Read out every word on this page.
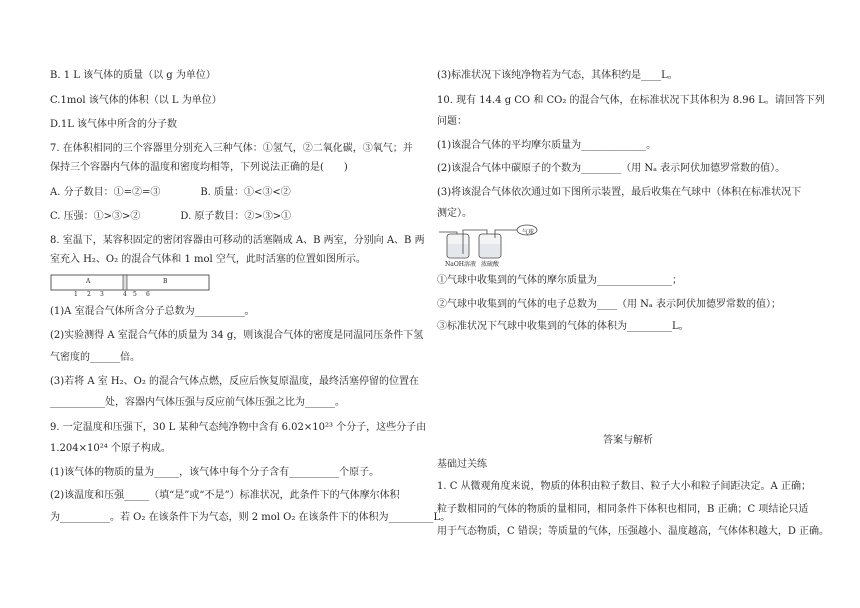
B. 1 L 该气体的质量（以 g 为单位）
C.1mol 该气体的体积（以 L 为单位）
D.1L 该气体中所含的分子数
7. 在体积相同的三个容器里分别充入三种气体：①氢气，②二氧化碳，③氧气；并
保持三个容器内气体的温度和密度均相等，下列说法正确的是(　　)
A. 分子数目：①=②=③　　　　B. 质量：①<③<②
C. 压强：①>③>②　　　　D. 原子数目：②>③>①
8. 室温下，某容积固定的密闭容器由可移动的活塞隔成 A、B 两室，分别向 A、B 两
室充入 H₂、O₂ 的混合气体和 1 mol 空气，此时活塞的位置如图所示。
A	B
1 2 3	4 5 6
(1)A 室混合气体所含分子总数为__________。
(2)实验测得 A 室混合气体的质量为 34 g，则该混合气体的密度是同温同压条件下氢
气密度的______倍。
(3)若将 A 室 H₂、O₂ 的混合气体点燃，反应后恢复原温度，最终活塞停留的位置在
___________处，容器内气体压强与反应前气体压强之比为______。
9. 一定温度和压强下，30 L 某种气态纯净物中含有 6.02×10²³ 个分子，这些分子由
1.204×10²⁴ 个原子构成。
(1)该气体的物质的量为_____，该气体中每个分子含有__________个原子。
(2)该温度和压强_____（填“是”或“不是”）标准状况，此条件下的气体摩尔体积
为__________。若 O₂ 在该条件下为气态，则 2 mol O₂ 在该条件下的体积为_________L。
(3)标准状况下该纯净物若为气态，其体积约是____L。
10. 现有 14.4 g CO 和 CO₂ 的混合气体，在标准状况下其体积为 8.96 L。请回答下列
问题：
(1)该混合气体的平均摩尔质量为_____________。
(2)该混合气体中碳原子的个数为________（用 Nₐ 表示阿伏加德罗常数的值）。
(3)将该混合气体依次通过如下图所示装置，最后收集在气球中（体积在标准状况下
测定）。
NaOH溶液 浓硫酸
气球
①气球中收集到的气体的摩尔质量为_______________；
②气球中收集到的气体的电子总数为____（用 Nₐ 表示阿伏加德罗常数的值）；
③标准状况下气球中收集到的气体的体积为_________L。
答案与解析
基础过关练
1. C 从微观角度来说，物质的体积由粒子数目、粒子大小和粒子间距决定。A 正确；
粒子数相同的气体的物质的量相同，相同条件下体积也相同，B 正确；C 项结论只适
用于气态物质，C 错误；等质量的气体，压强越小、温度越高，气体体积越大，D 正确。
